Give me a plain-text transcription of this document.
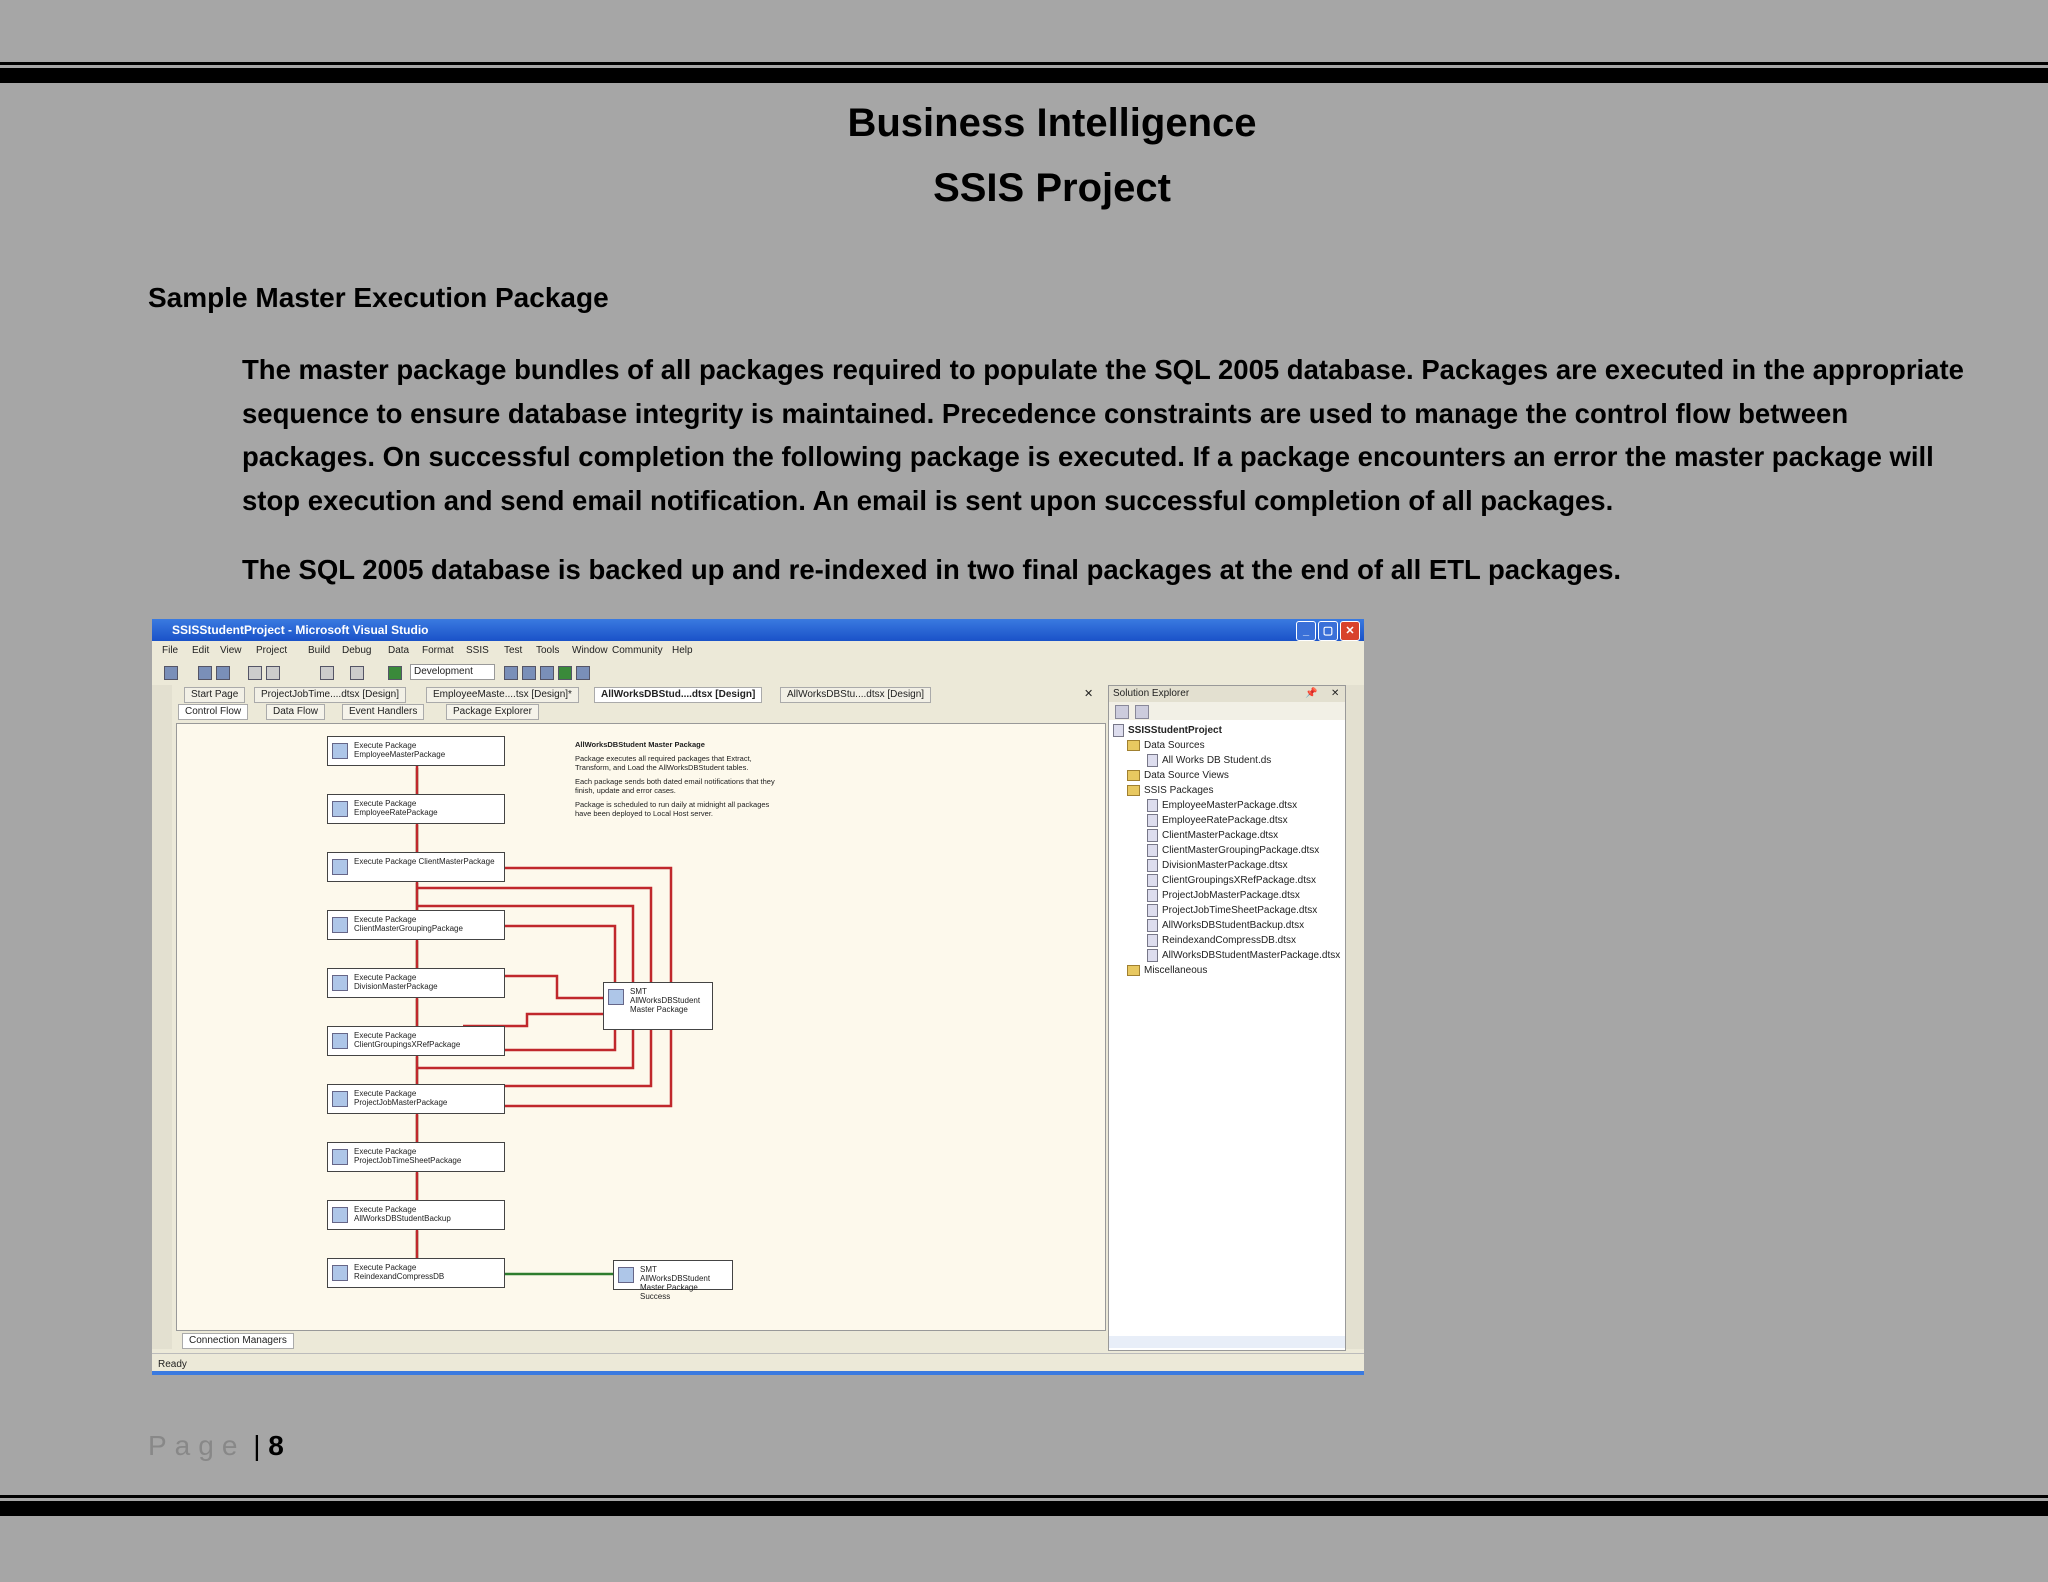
Business Intelligence
SSIS Project
Sample Master Execution Package
The master package bundles of all packages required to populate the SQL 2005 database. Packages are executed in the appropriate sequence to ensure database integrity is maintained. Precedence constraints are used to manage the control flow between packages. On successful completion the following package is executed. If a package encounters an error the master package will stop execution and send email notification. An email is sent upon successful completion of all packages.
The SQL 2005 database is backed up and re-indexed in two final packages at the end of all ETL packages.
SSISStudentProject - Microsoft Visual Studio	_	▢	✕
File Edit View Project Build Debug Data Format SSIS Test Tools Window Community Help
Development
Start Page	ProjectJobTime....dtsx [Design]	EmployeeMaste....tsx [Design]*	AllWorksDBStud....dtsx [Design]	AllWorksDBStu....dtsx [Design]	✕
Control Flow	Data Flow	Event Handlers	Package Explorer
Execute Package EmployeeMasterPackage
Execute Package EmployeeRatePackage
Execute Package ClientMasterPackage
Execute Package ClientMasterGroupingPackage
Execute Package DivisionMasterPackage
Execute Package ClientGroupingsXRefPackage
Execute Package ProjectJobMasterPackage
Execute Package ProjectJobTimeSheetPackage
Execute Package AllWorksDBStudentBackup
Execute Package ReindexandCompressDB
SMT AllWorksDBStudent Master Package
SMT AllWorksDBStudent Master Package Success

AllWorksDBStudent Master Package

Package executes all required packages that Extract, Transform, and Load the AllWorksDBStudent tables.

Each package sends both dated email notifications that they finish, update and error cases.

Package is scheduled to run daily at midnight all packages have been deployed to Local Host server.

Connection Managers
Solution Explorer	📌 ✕
SSISStudentProject
Data Sources
All Works DB Student.ds
Data Source Views
SSIS Packages
EmployeeMasterPackage.dtsx
EmployeeRatePackage.dtsx
ClientMasterPackage.dtsx
ClientMasterGroupingPackage.dtsx
DivisionMasterPackage.dtsx
ClientGroupingsXRefPackage.dtsx
ProjectJobMasterPackage.dtsx
ProjectJobTimeSheetPackage.dtsx
AllWorksDBStudentBackup.dtsx
ReindexandCompressDB.dtsx
AllWorksDBStudentMasterPackage.dtsx
Miscellaneous
Ready
Page | 8
